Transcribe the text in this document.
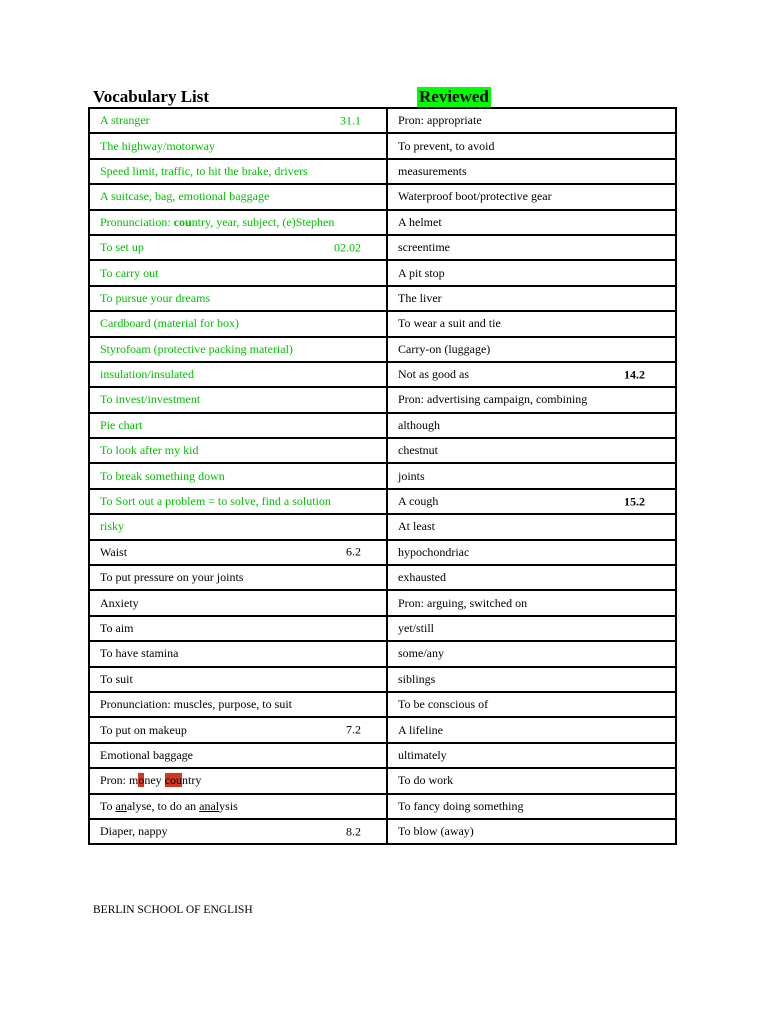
Vocabulary List	Reviewed
A stranger 31.1	Pron: appropriate
The highway/motorway	To prevent, to avoid
Speed limit, traffic, to hit the brake, drivers	measurements
A suitcase, bag, emotional baggage	Waterproof boot/protective gear
Pronunciation: country, year, subject, (e)Stephen	A helmet
To set up 02.02	screentime
To carry out	A pit stop
To pursue your dreams	The liver
Cardboard (material for box)	To wear a suit and tie
Styrofoam (protective packing material)	Carry-on (luggage)
insulation/insulated	Not as good as 14.2

To invest/investment	Pron: advertising campaign, combining
Pie chart	although
To look after my kid	chestnut
To break something down	joints
To Sort out a problem = to solve, find a solution	A cough 15.2

risky	At least
Waist 6.2	hypochondriac
To put pressure on your joints	exhausted
Anxiety	Pron: arguing, switched on
To aim	yet/still
To have stamina	some/any
To suit	siblings
Pronunciation: muscles, purpose, to suit	To be conscious of
To put on makeup 7.2	A lifeline
Emotional baggage	ultimately
Pron: money country	To do work
To analyse, to do an analysis	To fancy doing something
Diaper, nappy 8.2	To blow (away)
BERLIN SCHOOL OF ENGLISH
